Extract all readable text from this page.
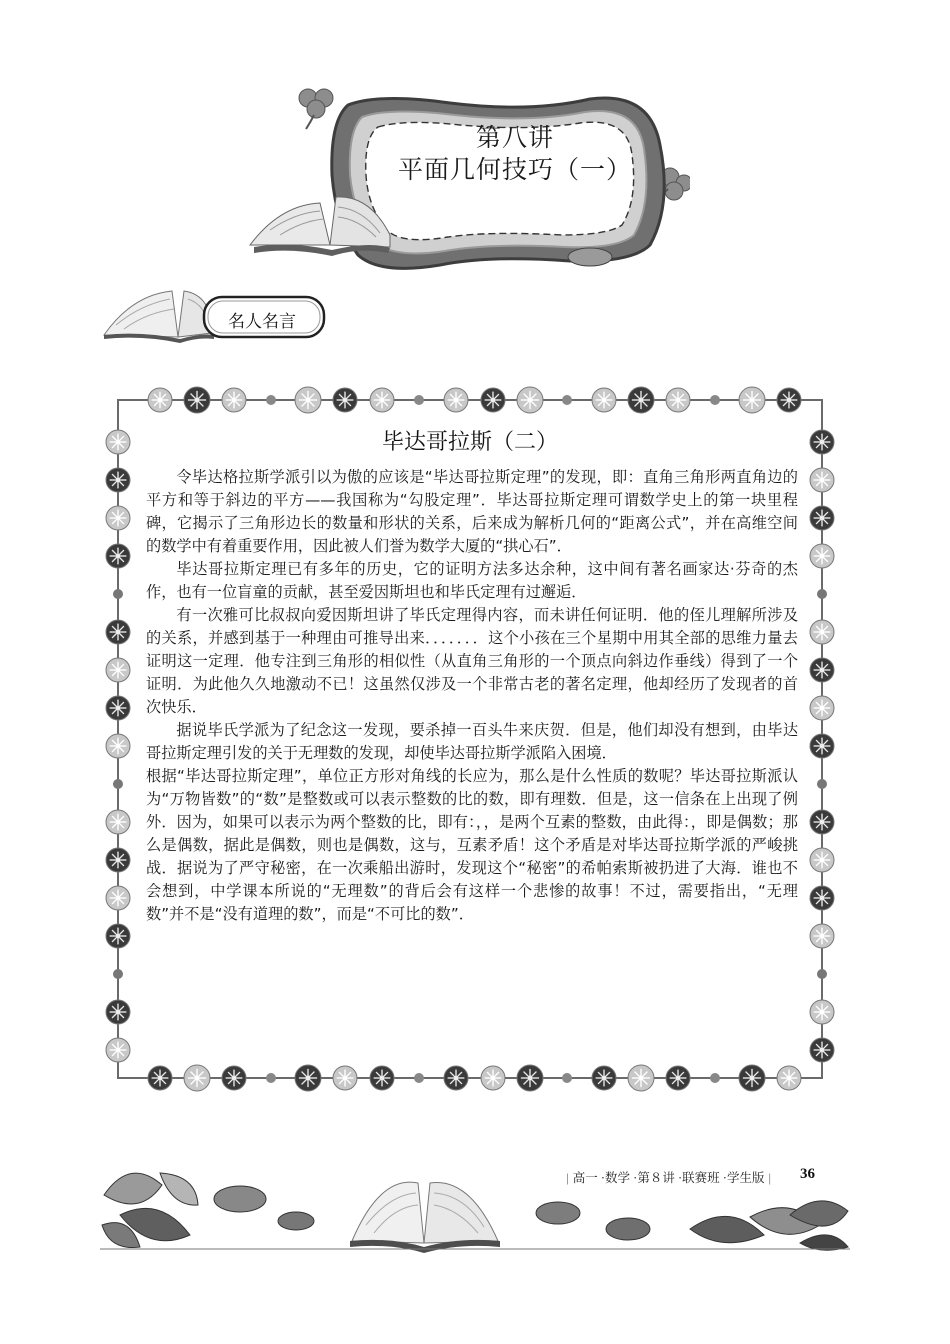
第八讲
平面几何技巧（一）
名人名言
毕达哥拉斯（二）

令毕达格拉斯学派引以为傲的应该是“毕达哥拉斯定理”的发现，即：直角三角形两直角边的平方和等于斜边的平方——我国称为“勾股定理”．毕达哥拉斯定理可谓数学史上的第一块里程碑，它揭示了三角形边长的数量和形状的关系，后来成为解析几何的“距离公式”，并在高维空间的数学中有着重要作用，因此被人们誉为数学大厦的“拱心石”．

毕达哥拉斯定理已有多年的历史，它的证明方法多达余种，这中间有著名画家达·芬奇的杰作，也有一位盲童的贡献，甚至爱因斯坦也和毕氏定理有过邂逅．

有一次雅可比叔叔向爱因斯坦讲了毕氏定理得内容，而未讲任何证明．他的侄儿理解所涉及的关系，并感到基于一种理由可推导出来．．．．．．．这个小孩在三个星期中用其全部的思维力量去证明这一定理．他专注到三角形的相似性（从直角三角形的一个顶点向斜边作垂线）得到了一个证明．为此他久久地激动不已！这虽然仅涉及一个非常古老的著名定理，他却经历了发现者的首次快乐．

据说毕氏学派为了纪念这一发现，要杀掉一百头牛来庆贺．但是，他们却没有想到，由毕达哥拉斯定理引发的关于无理数的发现，却使毕达哥拉斯学派陷入困境．

根据“毕达哥拉斯定理”，单位正方形对角线的长应为，那么是什么性质的数呢？毕达哥拉斯派认为“万物皆数”的“数”是整数或可以表示整数的比的数，即有理数．但是，这一信条在上出现了例外．因为，如果可以表示为两个整数的比，即有：，，是两个互素的整数，由此得：，即是偶数；那么是偶数，据此是偶数，则也是偶数，这与，互素矛盾！这个矛盾是对毕达哥拉斯学派的严峻挑战．据说为了严守秘密，在一次乘船出游时，发现这个“秘密”的希帕索斯被扔进了大海．谁也不会想到，中学课本所说的“无理数”的背后会有这样一个悲惨的故事！不过，需要指出，“无理数”并不是“没有道理的数”，而是“不可比的数”．

| 高一 ·数学 ·第８讲 ·联赛班 ·学生版 | 36
